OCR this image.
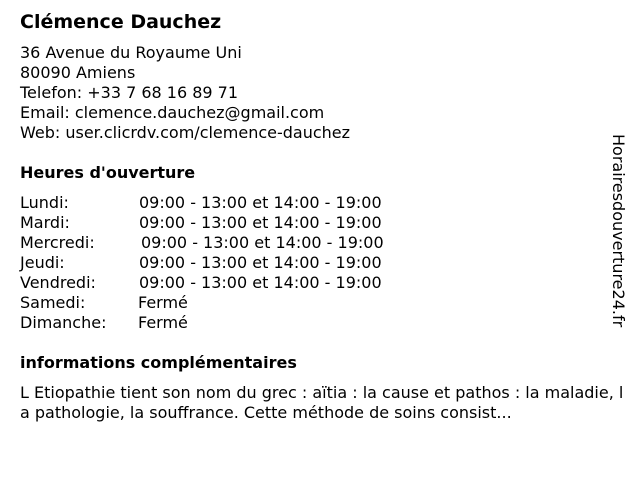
Clémence Dauchez
36 Avenue du Royaume Uni
80090 Amiens
Telefon: +33 7 68 16 89 71
Email: clemence.dauchez@gmail.com
Web: user.clicrdv.com/clemence-dauchez
Heures d'ouverture
Lundi:	09:00 - 13:00 et 14:00 - 19:00
Mardi:	09:00 - 13:00 et 14:00 - 19:00
Mercredi:	09:00 - 13:00 et 14:00 - 19:00
Jeudi:	09:00 - 13:00 et 14:00 - 19:00
Vendredi:	09:00 - 13:00 et 14:00 - 19:00
Samedi:	Fermé
Dimanche: Fermé
informations complémentaires
L Etiopathie tient son nom du grec : aïtia : la cause et pathos : la maladie, la pathologie, la souffrance. Cette méthode de soins consist...
Horairesdouverture24.fr
